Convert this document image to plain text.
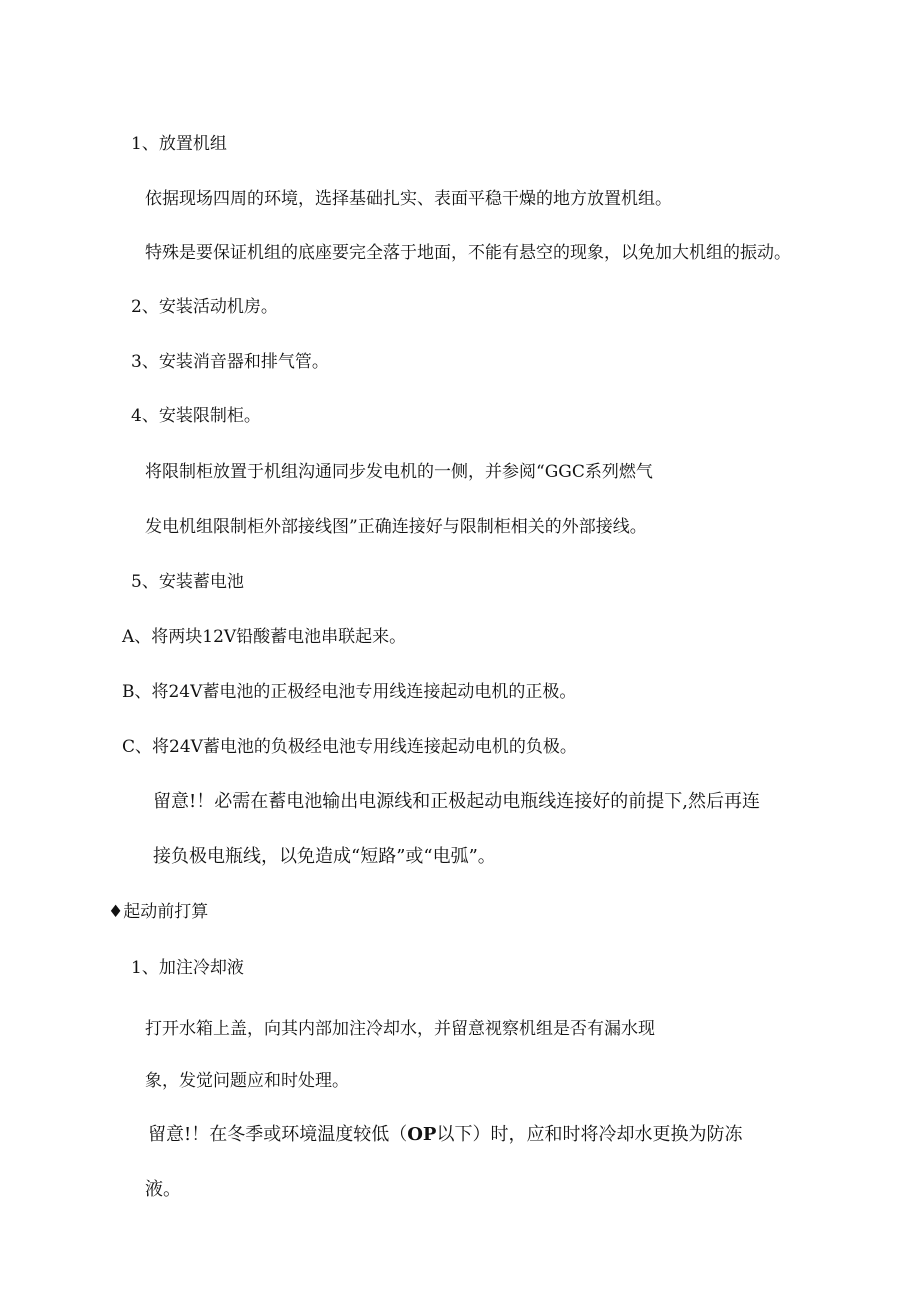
1、放置机组
依据现场四周的环境，选择基础扎实、表面平稳干燥的地方放置机组。
特殊是要保证机组的底座要完全落于地面，不能有悬空的现象，以免加大机组的振动。
2、安装活动机房。
3、安装消音器和排气管。
4、安装限制柜。
将限制柜放置于机组沟通同步发电机的一侧，并参阅“GGC系列燃气
发电机组限制柜外部接线图”正确连接好与限制柜相关的外部接线。
5、安装蓄电池
A、将两块12V铅酸蓄电池串联起来。
B、将24V蓄电池的正极经电池专用线连接起动电机的正极。
C、将24V蓄电池的负极经电池专用线连接起动电机的负极。
留意!！必需在蓄电池输出电源线和正极起动电瓶线连接好的前提下,然后再连
接负极电瓶线，以免造成“短路”或“电弧”。
♦起动前打算
1、加注冷却液
打开水箱上盖，向其内部加注冷却水，并留意视察机组是否有漏水现
象，发觉问题应和时处理。
留意!！在冬季或环境温度较低（OP以下）时，应和时将冷却水更换为防冻
液。
